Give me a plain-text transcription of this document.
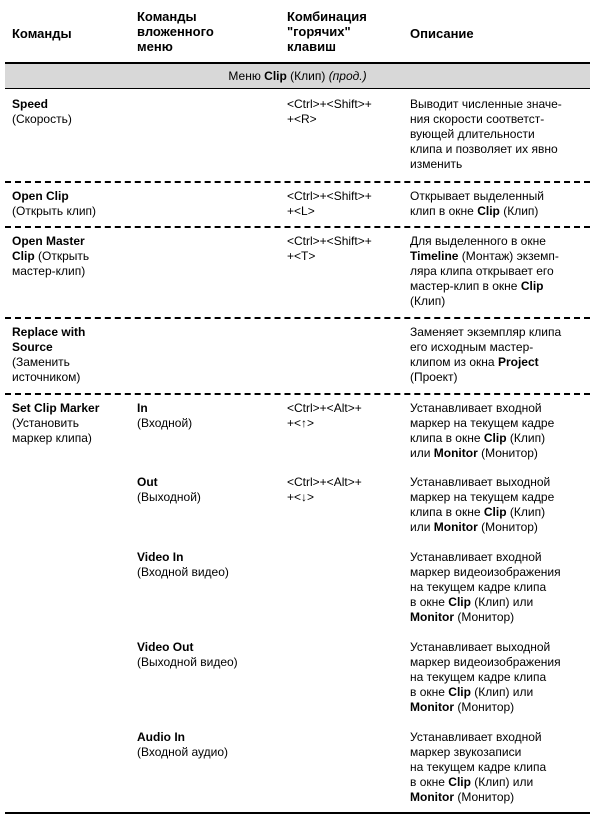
Команды
Команды
вложенного
меню
Комбинация
"горячих"
клавиш
Описание
Меню Clip (Клип) (прод.)
Speed
(Скорость)
<Ctrl>+<Shift>+
+<R>
Выводит численные значе-
ния скорости соответст-
вующей длительности
клипа и позволяет их явно
изменить
Open Clip
(Открыть клип)
<Ctrl>+<Shift>+
+<L>
Открывает выделенный
клип в окне Clip (Клип)
Open Master
Clip (Открыть
мастер-клип)
<Ctrl>+<Shift>+
+<T>
Для выделенного в окне
Timeline (Монтаж) экземп-
ляра клипа открывает его
мастер-клип в окне Clip
(Клип)
Replace with
Source
(Заменить
источником)
Заменяет экземпляр клипа
его исходным мастер-
клипом из окна Project
(Проект)
Set Clip Marker
(Установить
маркер клипа)
In
(Входной)
<Ctrl>+<Alt>+
+<↑>
Устанавливает входной
маркер на текущем кадре
клипа в окне Clip (Клип)
или Monitor (Монитор)
Out
(Выходной)
<Ctrl>+<Alt>+
+<↓>
Устанавливает выходной
маркер на текущем кадре
клипа в окне Clip (Клип)
или Monitor (Монитор)
Video In
(Входной видео)
Устанавливает входной
маркер видеоизображения
на текущем кадре клипа
в окне Clip (Клип) или
Monitor (Монитор)
Video Out
(Выходной видео)
Устанавливает выходной
маркер видеоизображения
на текущем кадре клипа
в окне Clip (Клип) или
Monitor (Монитор)
Audio In
(Входной аудио)
Устанавливает входной
маркер звукозаписи
на текущем кадре клипа
в окне Clip (Клип) или
Monitor (Монитор)
